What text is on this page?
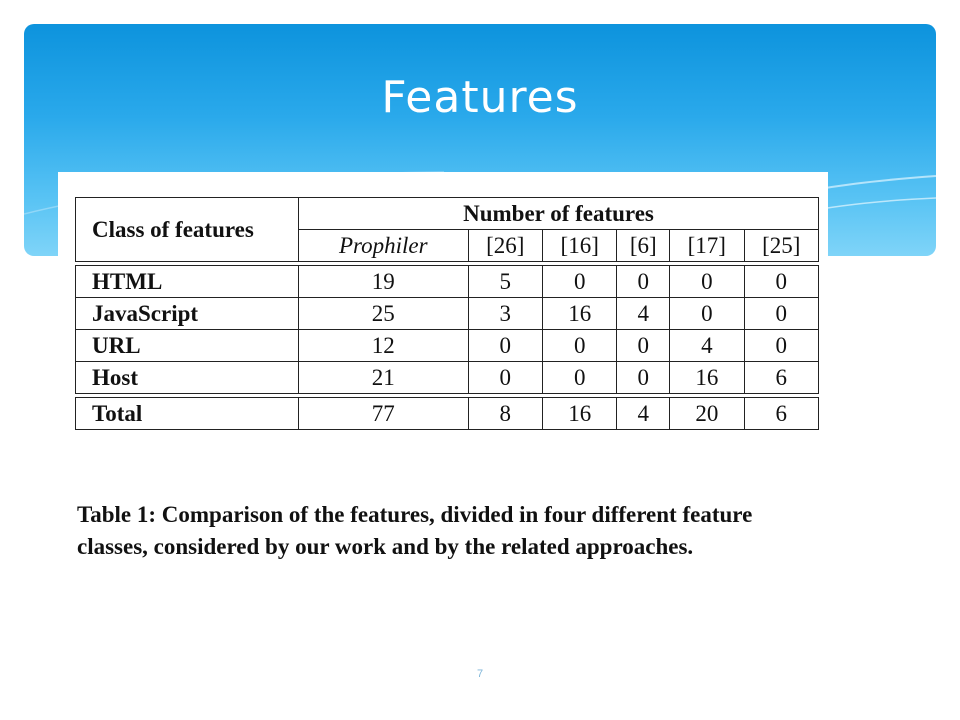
Features
Class of features	Number of features					
	Prophiler	[26]	[16]	[6]	[17]	[25]

HTML	19	5	0	0	0	0
JavaScript	25	3	16	4	0	0
URL	12	0	0	0	4	0
Host	21	0	0	0	16	6

Total	77	8	16	4	20	6
Table 1: Comparison of the features, divided in four different feature classes, considered by our work and by the related approaches.
7
